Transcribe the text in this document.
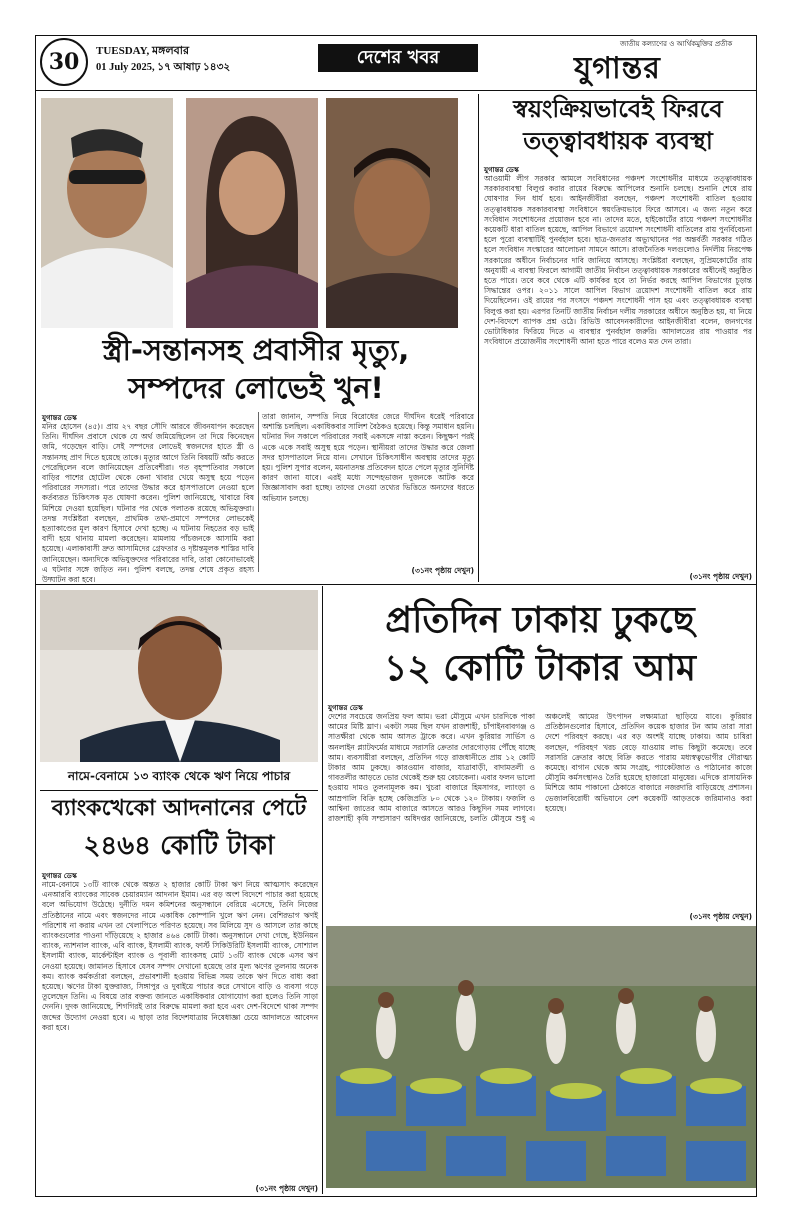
30	TUESDAY, মঙ্গলবার
01 July 2025, ১৭ আষাঢ় ১৪৩২	দেশের খবর
জাতীয় কল্যাণের ও আর্থিকমুক্তির প্রতীক
যুগান্তর
স্ত্রী-সন্তানসহ প্রবাসীর মৃত্যু,
সম্পদের লোভেই খুন!
যুগান্তর ডেস্ক

মনির হোসেন (৪৫)। প্রায় ২৭ বছর সৌদি আরবে জীবনযাপন করেছেন তিনি। দীর্ঘদিন প্রবাসে থেকে যে অর্থ জমিয়েছিলেন তা দিয়ে কিনেছেন জমি, গড়েছেন বাড়ি। সেই সম্পদের লোভেই স্বজনদের হাতে স্ত্রী ও সন্তানসহ প্রাণ দিতে হয়েছে তাকে। মৃত্যুর আগে তিনি বিষয়টি আঁচ করতে পেরেছিলেন বলে জানিয়েছেন প্রতিবেশীরা। গত বৃহস্পতিবার সকালে বাড়ির পাশের হোটেল থেকে কেনা খাবার খেয়ে অসুস্থ হয়ে পড়েন পরিবারের সদস্যরা। পরে তাদের উদ্ধার করে হাসপাতালে নেওয়া হলে কর্তব্যরত চিকিৎসক মৃত ঘোষণা করেন। পুলিশ জানিয়েছে, খাবারে বিষ মিশিয়ে দেওয়া হয়েছিল। ঘটনার পর থেকে পলাতক রয়েছে অভিযুক্তরা। তদন্ত সংশ্লিষ্টরা বলছেন, প্রাথমিক তথ্য-প্রমাণে সম্পদের লোভকেই হত্যাকাণ্ডের মূল কারণ হিসাবে দেখা হচ্ছে। এ ঘটনায় নিহতের বড় ভাই বাদী হয়ে থানায় মামলা করেছেন। মামলায় পাঁচজনকে আসামি করা হয়েছে। এলাকাবাসী দ্রুত আসামিদের গ্রেফতার ও দৃষ্টান্তমূলক শাস্তির দাবি জানিয়েছেন। অন্যদিকে অভিযুক্তদের পরিবারের দাবি, তারা কোনোভাবেই এ ঘটনার সঙ্গে জড়িত নন। পুলিশ বলছে, তদন্ত শেষে প্রকৃত রহস্য উদ্ঘাটন করা হবে।

তারা জানান, সম্পত্তি নিয়ে বিরোধের জেরে দীর্ঘদিন ধরেই পরিবারে অশান্তি চলছিল। একাধিকবার সালিশ বৈঠকও হয়েছে। কিন্তু সমাধান হয়নি। ঘটনার দিন সকালে পরিবারের সবাই একসঙ্গে নাস্তা করেন। কিছুক্ষণ পরই একে একে সবাই অসুস্থ হয়ে পড়েন। স্থানীয়রা তাদের উদ্ধার করে জেলা সদর হাসপাতালে নিয়ে যান। সেখানে চিকিৎসাধীন অবস্থায় তাদের মৃত্যু হয়। পুলিশ সুপার বলেন, ময়নাতদন্ত প্রতিবেদন হাতে পেলে মৃত্যুর সুনির্দিষ্ট কারণ জানা যাবে। এরই মধ্যে সন্দেহভাজন দুজনকে আটক করে জিজ্ঞাসাবাদ করা হচ্ছে। তাদের দেওয়া তথ্যের ভিত্তিতে অন্যদের ধরতে অভিযান চলছে।

(৩১নং পৃষ্ঠায় দেখুন)
স্বয়ংক্রিয়ভাবেই ফিরবে
তত্ত্বাবধায়ক ব্যবস্থা
যুগান্তর ডেস্ক

আওয়ামী লীগ সরকার আমলে সংবিধানের পঞ্চদশ সংশোধনীর মাধ্যমে তত্ত্বাবধায়ক সরকারব্যবস্থা বিলুপ্ত করার রায়ের বিরুদ্ধে আপিলের শুনানি চলছে। শুনানি শেষে রায় ঘোষণার দিন ধার্য হবে। আইনজীবীরা বলছেন, পঞ্চদশ সংশোধনী বাতিল হওয়ায় তত্ত্বাবধায়ক সরকারব্যবস্থা সংবিধানে স্বয়ংক্রিয়ভাবে ফিরে আসবে। এ জন্য নতুন করে সংবিধান সংশোধনের প্রয়োজন হবে না। তাদের মতে, হাইকোর্টের রায়ে পঞ্চদশ সংশোধনীর কয়েকটি ধারা বাতিল হয়েছে, আপিল বিভাগে ত্রয়োদশ সংশোধনী বাতিলের রায় পুনর্বিবেচনা হলে পুরো ব্যবস্থাটিই পুনর্বহাল হবে। ছাত্র-জনতার অভ্যুত্থানের পর অন্তর্বর্তী সরকার গঠিত হলে সংবিধান সংস্কারের আলোচনা সামনে আসে। রাজনৈতিক দলগুলোও নির্দলীয় নিরপেক্ষ সরকারের অধীনে নির্বাচনের দাবি জানিয়ে আসছে। সংশ্লিষ্টরা বলছেন, সুপ্রিমকোর্টের রায় অনুযায়ী এ ব্যবস্থা ফিরলে আগামী জাতীয় নির্বাচন তত্ত্বাবধায়ক সরকারের অধীনেই অনুষ্ঠিত হতে পারে। তবে কবে থেকে এটি কার্যকর হবে তা নির্ভর করছে আপিল বিভাগের চূড়ান্ত সিদ্ধান্তের ওপর। ২০১১ সালে আপিল বিভাগ ত্রয়োদশ সংশোধনী বাতিল করে রায় দিয়েছিলেন। ওই রায়ের পর সংসদে পঞ্চদশ সংশোধনী পাস হয় এবং তত্ত্বাবধায়ক ব্যবস্থা বিলুপ্ত করা হয়। এরপর তিনটি জাতীয় নির্বাচন দলীয় সরকারের অধীনে অনুষ্ঠিত হয়, যা নিয়ে দেশ-বিদেশে ব্যাপক প্রশ্ন ওঠে। রিভিউ আবেদনকারীদের আইনজীবীরা বলেন, জনগণের ভোটাধিকার ফিরিয়ে দিতে এ ব্যবস্থার পুনর্বহাল জরুরি। আদালতের রায় পাওয়ার পর সংবিধানে প্রয়োজনীয় সংশোধনী আনা হতে পারে বলেও মত দেন তারা।

(৩১নং পৃষ্ঠায় দেখুন)
নামে-বেনামে ১৩ ব্যাংক থেকে ঋণ নিয়ে পাচার
ব্যাংকখেকো আদনানের পেটে
২৪৬৪ কোটি টাকা
যুগান্তর ডেস্ক

নামে-বেনামে ১৩টি ব্যাংক থেকে অন্তত ২ হাজার কোটি টাকা ঋণ নিয়ে আত্মসাৎ করেছেন এনআরবি ব্যাংকের সাবেক চেয়ারম্যান আদনান ইমাম। এর বড় অংশ বিদেশে পাচার করা হয়েছে বলে অভিযোগ উঠেছে। দুর্নীতি দমন কমিশনের অনুসন্ধানে বেরিয়ে এসেছে, তিনি নিজের প্রতিষ্ঠানের নামে এবং স্বজনদের নামে একাধিক কোম্পানি খুলে ঋণ নেন। বেশিরভাগ ঋণই পরিশোধ না করায় এখন তা খেলাপিতে পরিণত হয়েছে। সব মিলিয়ে সুদ ও আসলে তার কাছে ব্যাংকগুলোর পাওনা দাঁড়িয়েছে ২ হাজার ৪৬৪ কোটি টাকা। অনুসন্ধানে দেখা গেছে, ইউনিয়ন ব্যাংক, ন্যাশনাল ব্যাংক, এবি ব্যাংক, ইসলামী ব্যাংক, ফার্স্ট সিকিউরিটি ইসলামী ব্যাংক, সোশ্যাল ইসলামী ব্যাংক, মার্কেন্টাইল ব্যাংক ও পূবালী ব্যাংকসহ মোট ১৩টি ব্যাংক থেকে এসব ঋণ নেওয়া হয়েছে। জামানত হিসাবে যেসব সম্পদ দেখানো হয়েছে তার মূল্য ঋণের তুলনায় অনেক কম। ব্যাংক কর্মকর্তারা বলছেন, প্রভাবশালী হওয়ায় বিভিন্ন সময় তাকে ঋণ দিতে বাধ্য করা হয়েছে। ঋণের টাকা যুক্তরাজ্য, সিঙ্গাপুর ও দুবাইয়ে পাচার করে সেখানে বাড়ি ও ব্যবসা গড়ে তুলেছেন তিনি। এ বিষয়ে তার বক্তব্য জানতে একাধিকবার যোগাযোগ করা হলেও তিনি সাড়া দেননি। দুদক জানিয়েছে, শিগগিরই তার বিরুদ্ধে মামলা করা হবে এবং দেশ-বিদেশে থাকা সম্পদ জব্দের উদ্যোগ নেওয়া হবে। এ ছাড়া তার বিদেশযাত্রায় নিষেধাজ্ঞা চেয়ে আদালতে আবেদন করা হবে।

(৩১নং পৃষ্ঠায় দেখুন)
প্রতিদিন ঢাকায় ঢুকছে
১২ কোটি টাকার আম
যুগান্তর ডেস্ক

দেশের সবচেয়ে জনপ্রিয় ফল আম। ভরা মৌসুমে এখন চারদিকে পাকা আমের মিষ্টি ঘ্রাণ। একটা সময় ছিল যখন রাজশাহী, চাঁপাইনবাবগঞ্জ ও সাতক্ষীরা থেকে আম আসত ট্রাকে করে। এখন কুরিয়ার সার্ভিস ও অনলাইন প্ল্যাটফর্মের মাধ্যমে সরাসরি ক্রেতার দোরগোড়ায় পৌঁছে যাচ্ছে আম। ব্যবসায়ীরা বলছেন, প্রতিদিন গড়ে রাজধানীতে প্রায় ১২ কোটি টাকার আম ঢুকছে। কারওয়ান বাজার, যাত্রাবাড়ী, বাদামতলী ও গাবতলীর আড়তে ভোর থেকেই শুরু হয় বেচাকেনা। এবার ফলন ভালো হওয়ায় দামও তুলনামূলক কম। খুচরা বাজারে হিমসাগর, ল্যাংড়া ও আম্রপালি বিক্রি হচ্ছে কেজিপ্রতি ৮০ থেকে ১২০ টাকায়। ফজলি ও আশ্বিনা জাতের আম বাজারে আসতে আরও কিছুদিন সময় লাগবে। রাজশাহী কৃষি সম্প্রসারণ অধিদপ্তর জানিয়েছে, চলতি মৌসুমে শুধু এ অঞ্চলেই আমের উৎপাদন লক্ষ্যমাত্রা ছাড়িয়ে যাবে। কুরিয়ার প্রতিষ্ঠানগুলোর হিসাবে, প্রতিদিন কয়েক হাজার টন আম তারা সারা দেশে পরিবহণ করছে। এর বড় অংশই যাচ্ছে ঢাকায়। আম চাষিরা বলছেন, পরিবহণ খরচ বেড়ে যাওয়ায় লাভ কিছুটা কমেছে। তবে সরাসরি ক্রেতার কাছে বিক্রি করতে পারায় মধ্যস্বত্বভোগীর দৌরাত্ম্য কমেছে। বাগান থেকে আম সংগ্রহ, প্যাকেটজাত ও পাঠানোর কাজে মৌসুমি কর্মসংস্থানও তৈরি হয়েছে হাজারো মানুষের। এদিকে রাসায়নিক মিশিয়ে আম পাকানো ঠেকাতে বাজারে নজরদারি বাড়িয়েছে প্রশাসন। ভেজালবিরোধী অভিযানে বেশ কয়েকটি আড়তকে জরিমানাও করা হয়েছে।

(৩১নং পৃষ্ঠায় দেখুন)
